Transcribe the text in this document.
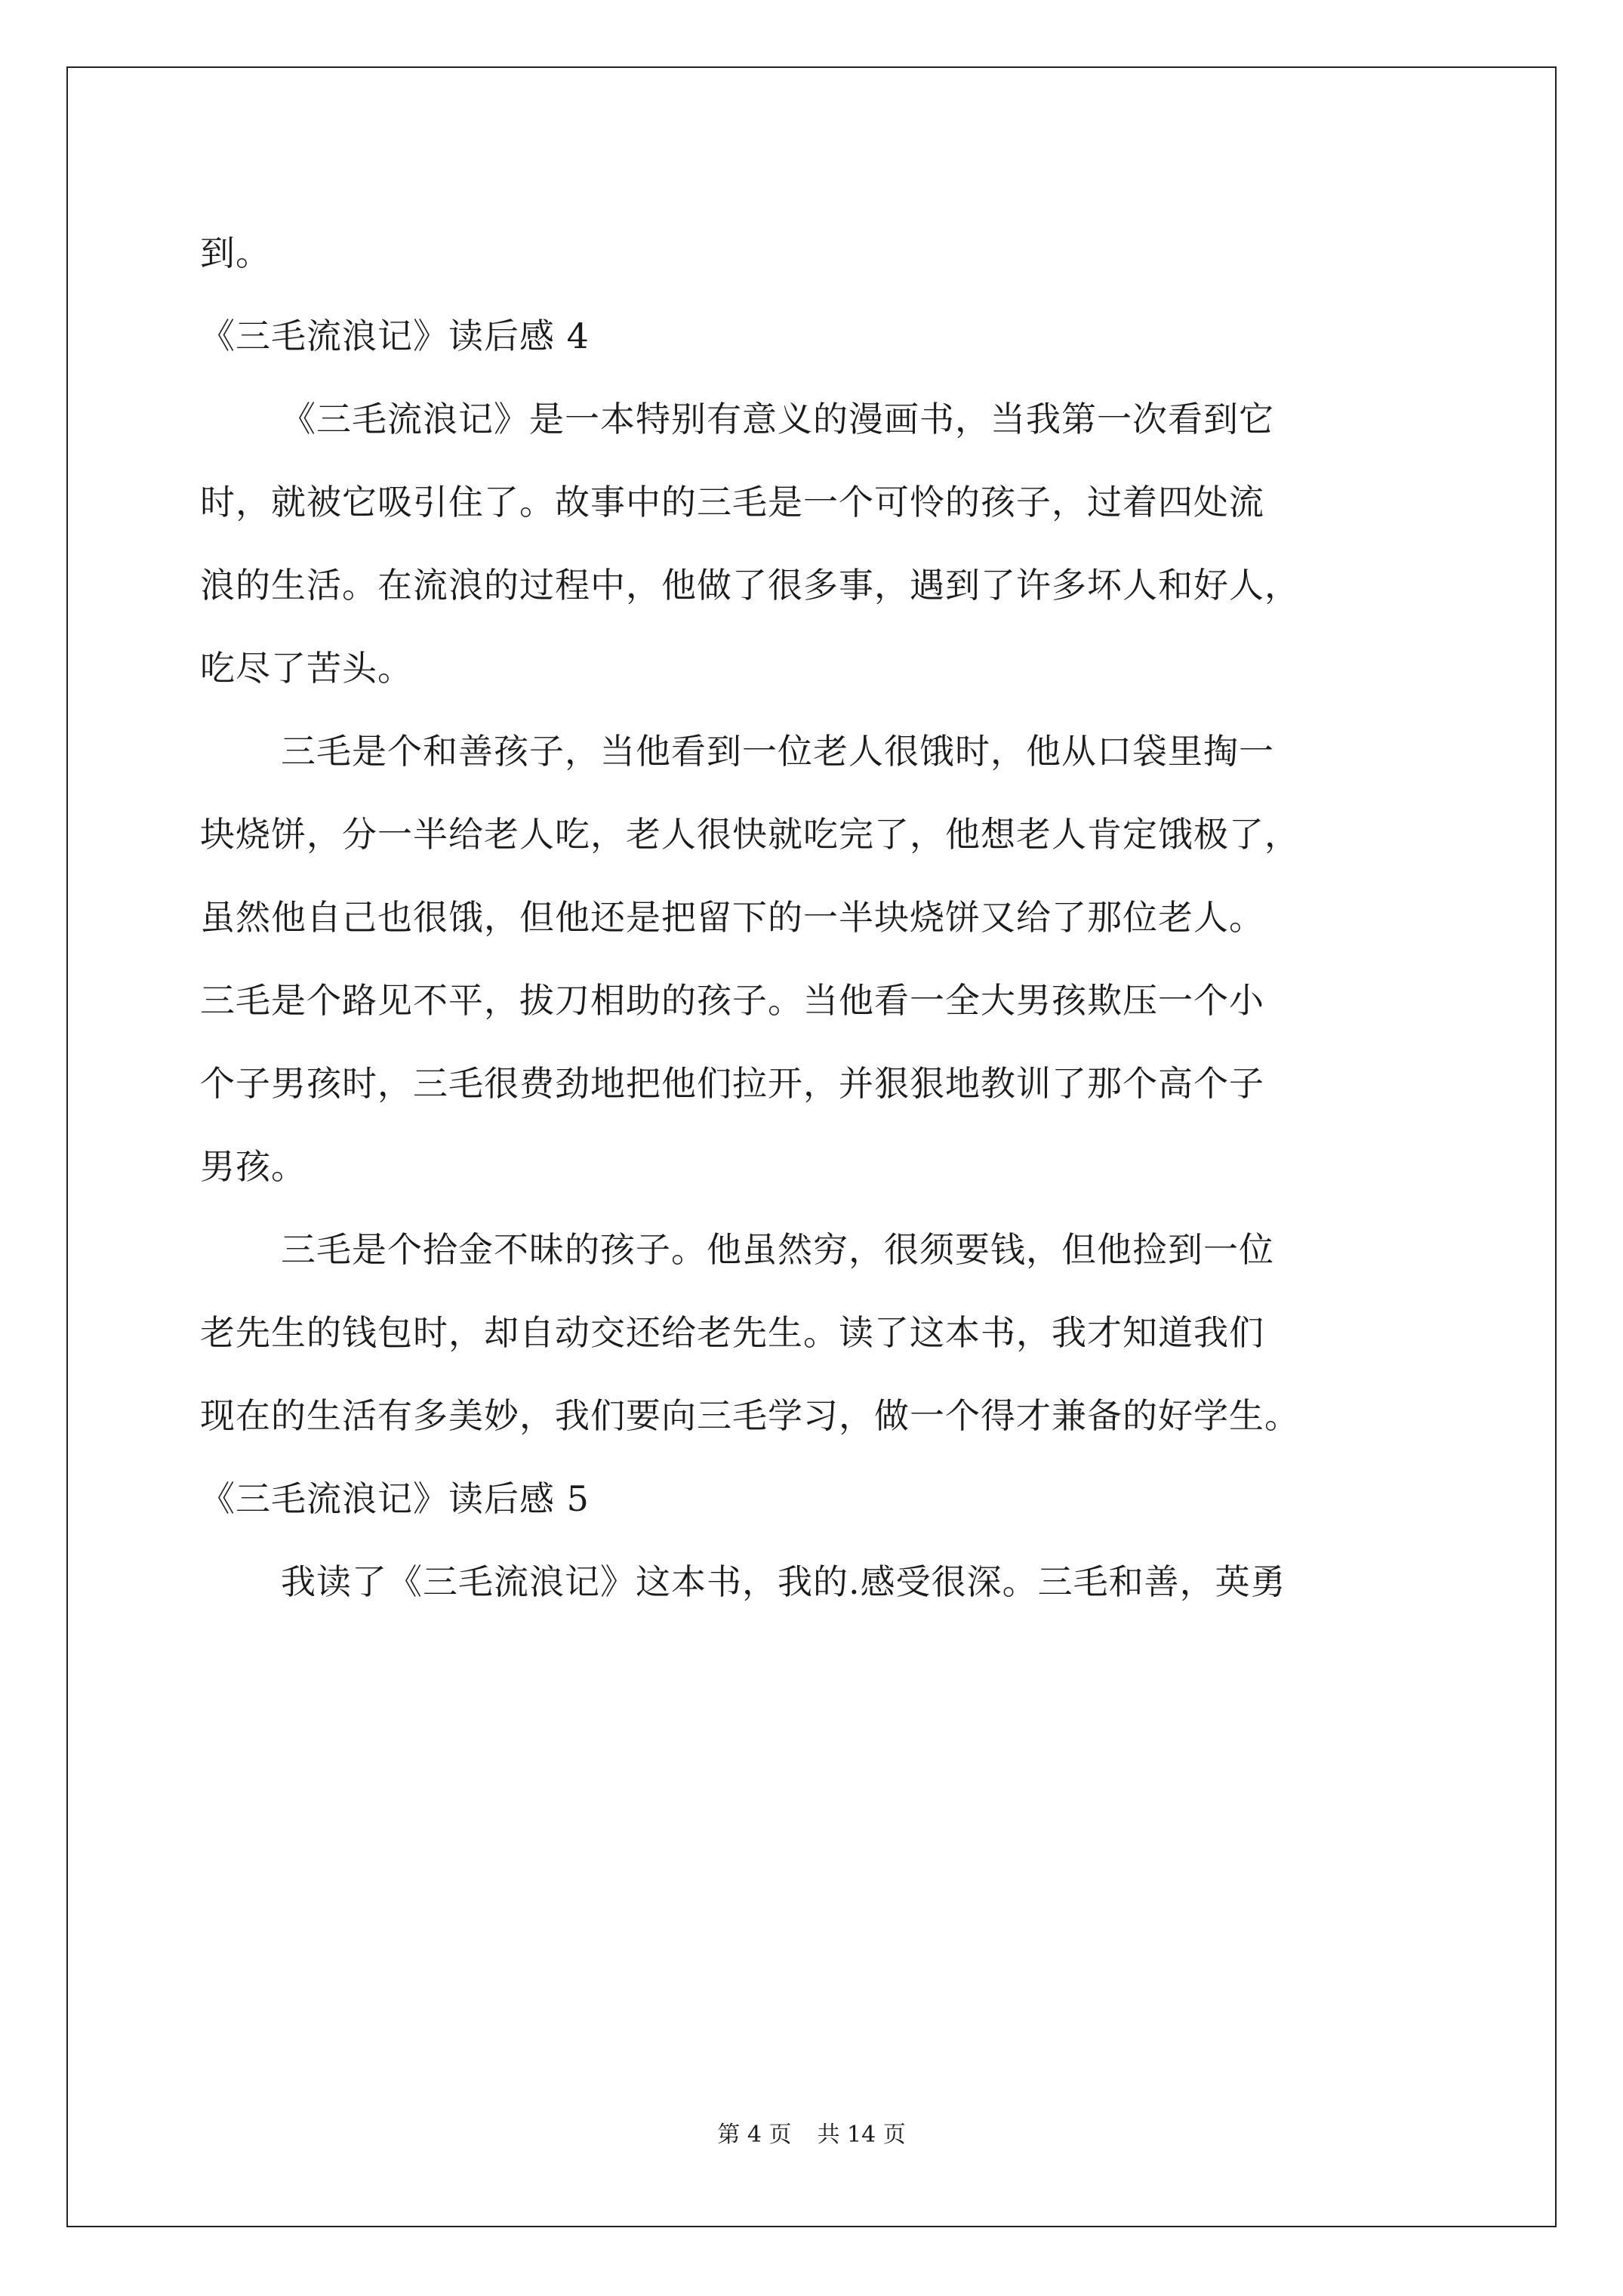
到。
《三毛流浪记》读后感 4
《三毛流浪记》是一本特别有意义的漫画书，当我第一次看到它
时，就被它吸引住了。故事中的三毛是一个可怜的孩子，过着四处流
浪的生活。在流浪的过程中，他做了很多事，遇到了许多坏人和好人，
吃尽了苦头。
三毛是个和善孩子，当他看到一位老人很饿时，他从口袋里掏一
块烧饼，分一半给老人吃，老人很快就吃完了，他想老人肯定饿极了，
虽然他自己也很饿，但他还是把留下的一半块烧饼又给了那位老人。
三毛是个路见不平，拔刀相助的孩子。当他看一全大男孩欺压一个小
个子男孩时，三毛很费劲地把他们拉开，并狠狠地教训了那个高个子
男孩。
三毛是个拾金不昧的孩子。他虽然穷，很须要钱，但他捡到一位
老先生的钱包时，却自动交还给老先生。读了这本书，我才知道我们
现在的生活有多美妙，我们要向三毛学习，做一个得才兼备的好学生。
《三毛流浪记》读后感 5
我读了《三毛流浪记》这本书，我的.感受很深。三毛和善，英勇
第 4 页 共 14 页
